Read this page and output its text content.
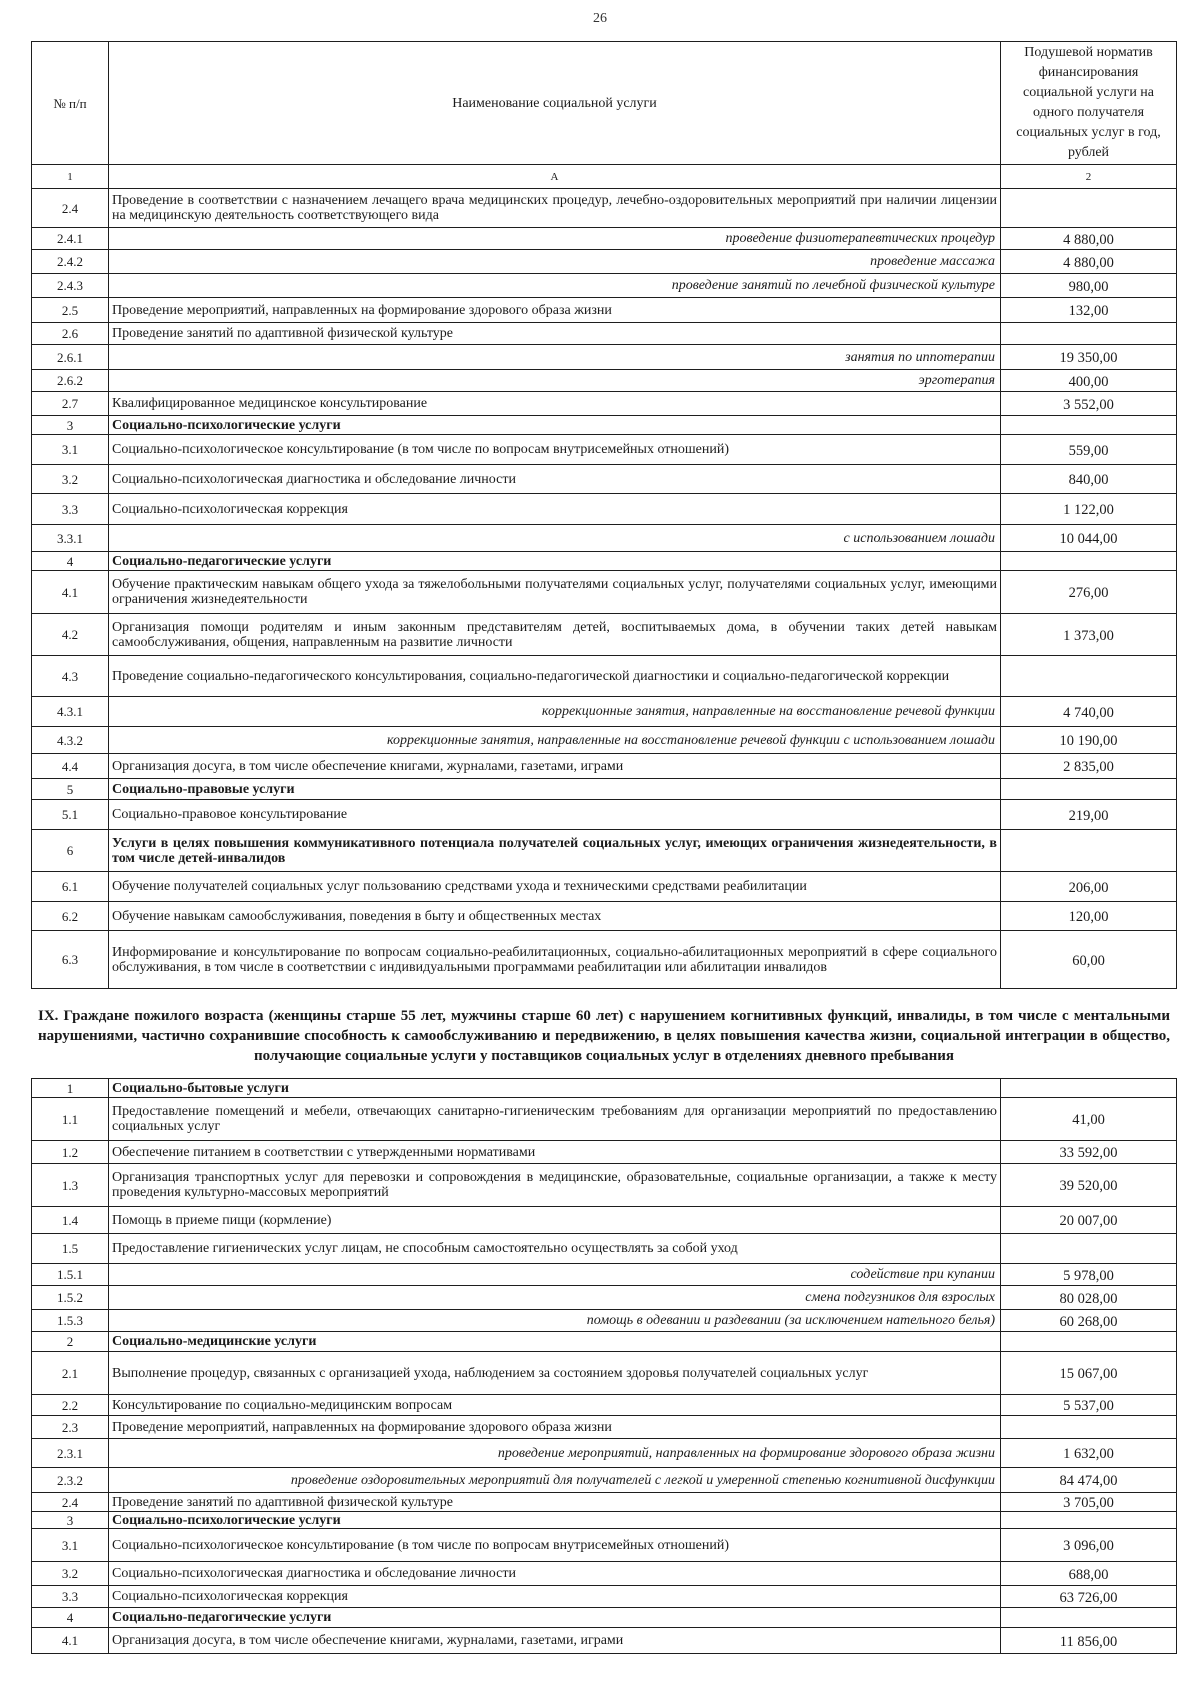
26
№ п/п	Наименование социальной услуги	Подушевой норматив финансирования социальной услуги на одного получателя социальных услуг в год, рублей
1	А	2
2.4	Проведение в соответствии с назначением лечащего врача медицинских процедур, лечебно-оздоровительных мероприятий при наличии лицензии на медицинскую деятельность соответствующего вида	
2.4.1	проведение физиотерапевтических процедур	4 880,00
2.4.2	проведение массажа	4 880,00
2.4.3	проведение занятий по лечебной физической культуре	980,00
2.5	Проведение мероприятий, направленных на формирование здорового образа жизни	132,00
2.6	Проведение занятий по адаптивной физической культуре	
2.6.1	занятия по иппотерапии	19 350,00
2.6.2	эрготерапия	400,00
2.7	Квалифицированное медицинское консультирование	3 552,00
3	Социально-психологические услуги	
3.1	Социально-психологическое консультирование (в том числе по вопросам внутрисемейных отношений)	559,00
3.2	Социально-психологическая диагностика и обследование личности	840,00
3.3	Социально-психологическая коррекция	1 122,00
3.3.1	с использованием лошади	10 044,00
4	Социально-педагогические услуги	
4.1	Обучение практическим навыкам общего ухода за тяжелобольными получателями социальных услуг, получателями социальных услуг, имеющими ограничения жизнедеятельности	276,00
4.2	Организация помощи родителям и иным законным представителям детей, воспитываемых дома, в обучении таких детей навыкам самообслуживания, общения, направленным на развитие личности	1 373,00
4.3	Проведение социально-педагогического консультирования, социально-педагогической диагностики и социально-педагогической коррекции	
4.3.1	коррекционные занятия, направленные на восстановление речевой функции	4 740,00
4.3.2	коррекционные занятия, направленные на восстановление речевой функции с использованием лошади	10 190,00
4.4	Организация досуга, в том числе обеспечение книгами, журналами, газетами, играми	2 835,00
5	Социально-правовые услуги	
5.1	Социально-правовое консультирование	219,00
6	Услуги в целях повышения коммуникативного потенциала получателей социальных услуг, имеющих ограничения жизнедеятельности, в том числе детей-инвалидов	
6.1	Обучение получателей социальных услуг пользованию средствами ухода и техническими средствами реабилитации	206,00
6.2	Обучение навыкам самообслуживания, поведения в быту и общественных местах	120,00
6.3	Информирование и консультирование по вопросам социально-реабилитационных, социально-абилитационных мероприятий в сфере социального обслуживания, в том числе в соответствии с индивидуальными программами реабилитации или абилитации инвалидов	60,00
IX. Граждане пожилого возраста (женщины старше 55 лет, мужчины старше 60 лет) с нарушением когнитивных функций, инвалиды, в том числе с ментальными нарушениями, частично сохранившие способность к самообслуживанию и передвижению, в целях повышения качества жизни, социальной интеграции в общество, получающие социальные услуги у поставщиков социальных услуг в отделениях дневного пребывания
1	Социально-бытовые услуги	
1.1	Предоставление помещений и мебели, отвечающих санитарно-гигиеническим требованиям для организации мероприятий по предоставлению социальных услуг	41,00
1.2	Обеспечение питанием в соответствии с утвержденными нормативами	33 592,00
1.3	Организация транспортных услуг для перевозки и сопровождения в медицинские, образовательные, социальные организации, а также к месту проведения культурно-массовых мероприятий	39 520,00
1.4	Помощь в приеме пищи (кормление)	20 007,00
1.5	Предоставление гигиенических услуг лицам, не способным самостоятельно осуществлять за собой уход	
1.5.1	содействие при купании	5 978,00
1.5.2	смена подгузников для взрослых	80 028,00
1.5.3	помощь в одевании и раздевании (за исключением нательного белья)	60 268,00
2	Социально-медицинские услуги	
2.1	Выполнение процедур, связанных с организацией ухода, наблюдением за состоянием здоровья получателей социальных услуг	15 067,00
2.2	Консультирование по социально-медицинским вопросам	5 537,00
2.3	Проведение мероприятий, направленных на формирование здорового образа жизни	
2.3.1	проведение мероприятий, направленных на формирование здорового образа жизни	1 632,00
2.3.2	проведение оздоровительных мероприятий для получателей с легкой и умеренной степенью когнитивной дисфункции	84 474,00
2.4	Проведение занятий по адаптивной физической культуре	3 705,00
3	Социально-психологические услуги	
3.1	Социально-психологическое консультирование (в том числе по вопросам внутрисемейных отношений)	3 096,00
3.2	Социально-психологическая диагностика и обследование личности	688,00
3.3	Социально-психологическая коррекция	63 726,00
4	Социально-педагогические услуги	
4.1	Организация досуга, в том числе обеспечение книгами, журналами, газетами, играми	11 856,00
